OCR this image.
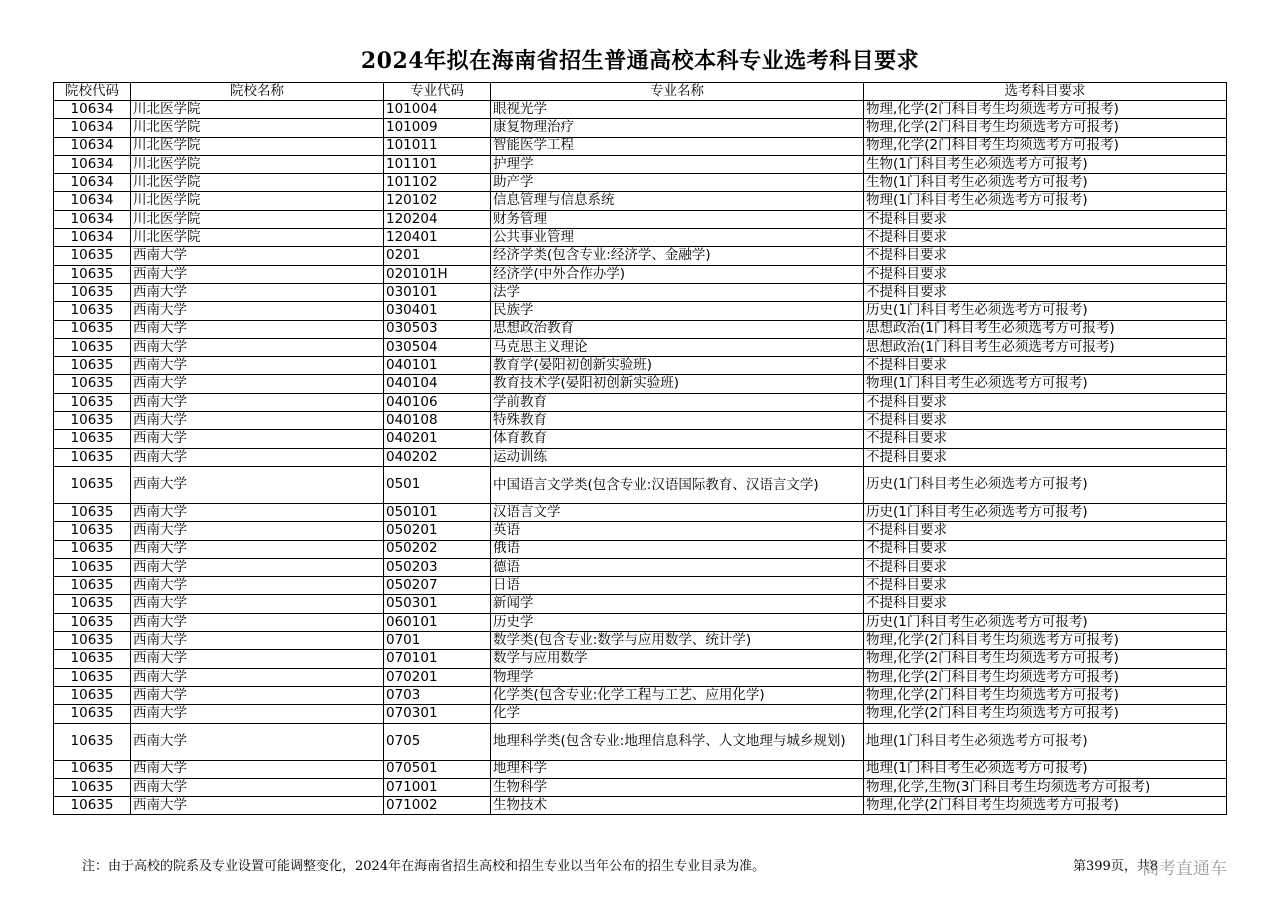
2024年拟在海南省招生普通高校本科专业选考科目要求
院校代码	院校名称	专业代码	专业名称	选考科目要求
10634	川北医学院	101004	眼视光学	物理,化学(2门科目考生均须选考方可报考)
10634	川北医学院	101009	康复物理治疗	物理,化学(2门科目考生均须选考方可报考)
10634	川北医学院	101011	智能医学工程	物理,化学(2门科目考生均须选考方可报考)
10634	川北医学院	101101	护理学	生物(1门科目考生必须选考方可报考)
10634	川北医学院	101102	助产学	生物(1门科目考生必须选考方可报考)
10634	川北医学院	120102	信息管理与信息系统	物理(1门科目考生必须选考方可报考)
10634	川北医学院	120204	财务管理	不提科目要求
10634	川北医学院	120401	公共事业管理	不提科目要求
10635	西南大学	0201	经济学类(包含专业:经济学、金融学)	不提科目要求
10635	西南大学	020101H	经济学(中外合作办学)	不提科目要求
10635	西南大学	030101	法学	不提科目要求
10635	西南大学	030401	民族学	历史(1门科目考生必须选考方可报考)
10635	西南大学	030503	思想政治教育	思想政治(1门科目考生必须选考方可报考)
10635	西南大学	030504	马克思主义理论	思想政治(1门科目考生必须选考方可报考)
10635	西南大学	040101	教育学(晏阳初创新实验班)	不提科目要求
10635	西南大学	040104	教育技术学(晏阳初创新实验班)	物理(1门科目考生必须选考方可报考)
10635	西南大学	040106	学前教育	不提科目要求
10635	西南大学	040108	特殊教育	不提科目要求
10635	西南大学	040201	体育教育	不提科目要求
10635	西南大学	040202	运动训练	不提科目要求
10635	西南大学	0501	中国语言文学类(包含专业:汉语国际教育、汉语言文学)	历史(1门科目考生必须选考方可报考)
10635	西南大学	050101	汉语言文学	历史(1门科目考生必须选考方可报考)
10635	西南大学	050201	英语	不提科目要求
10635	西南大学	050202	俄语	不提科目要求
10635	西南大学	050203	德语	不提科目要求
10635	西南大学	050207	日语	不提科目要求
10635	西南大学	050301	新闻学	不提科目要求
10635	西南大学	060101	历史学	历史(1门科目考生必须选考方可报考)
10635	西南大学	0701	数学类(包含专业:数学与应用数学、统计学)	物理,化学(2门科目考生均须选考方可报考)
10635	西南大学	070101	数学与应用数学	物理,化学(2门科目考生均须选考方可报考)
10635	西南大学	070201	物理学	物理,化学(2门科目考生均须选考方可报考)
10635	西南大学	0703	化学类(包含专业:化学工程与工艺、应用化学)	物理,化学(2门科目考生均须选考方可报考)
10635	西南大学	070301	化学	物理,化学(2门科目考生均须选考方可报考)
10635	西南大学	0705	地理科学类(包含专业:地理信息科学、人文地理与城乡规划)	地理(1门科目考生必须选考方可报考)
10635	西南大学	070501	地理科学	地理(1门科目考生必须选考方可报考)
10635	西南大学	071001	生物科学	物理,化学,生物(3门科目考生均须选考方可报考)
10635	西南大学	071002	生物技术	物理,化学(2门科目考生均须选考方可报考)
注：由于高校的院系及专业设置可能调整变化，2024年在海南省招生高校和招生专业以当年公布的招生专业目录为准。	第399页，共8
高考直通车
